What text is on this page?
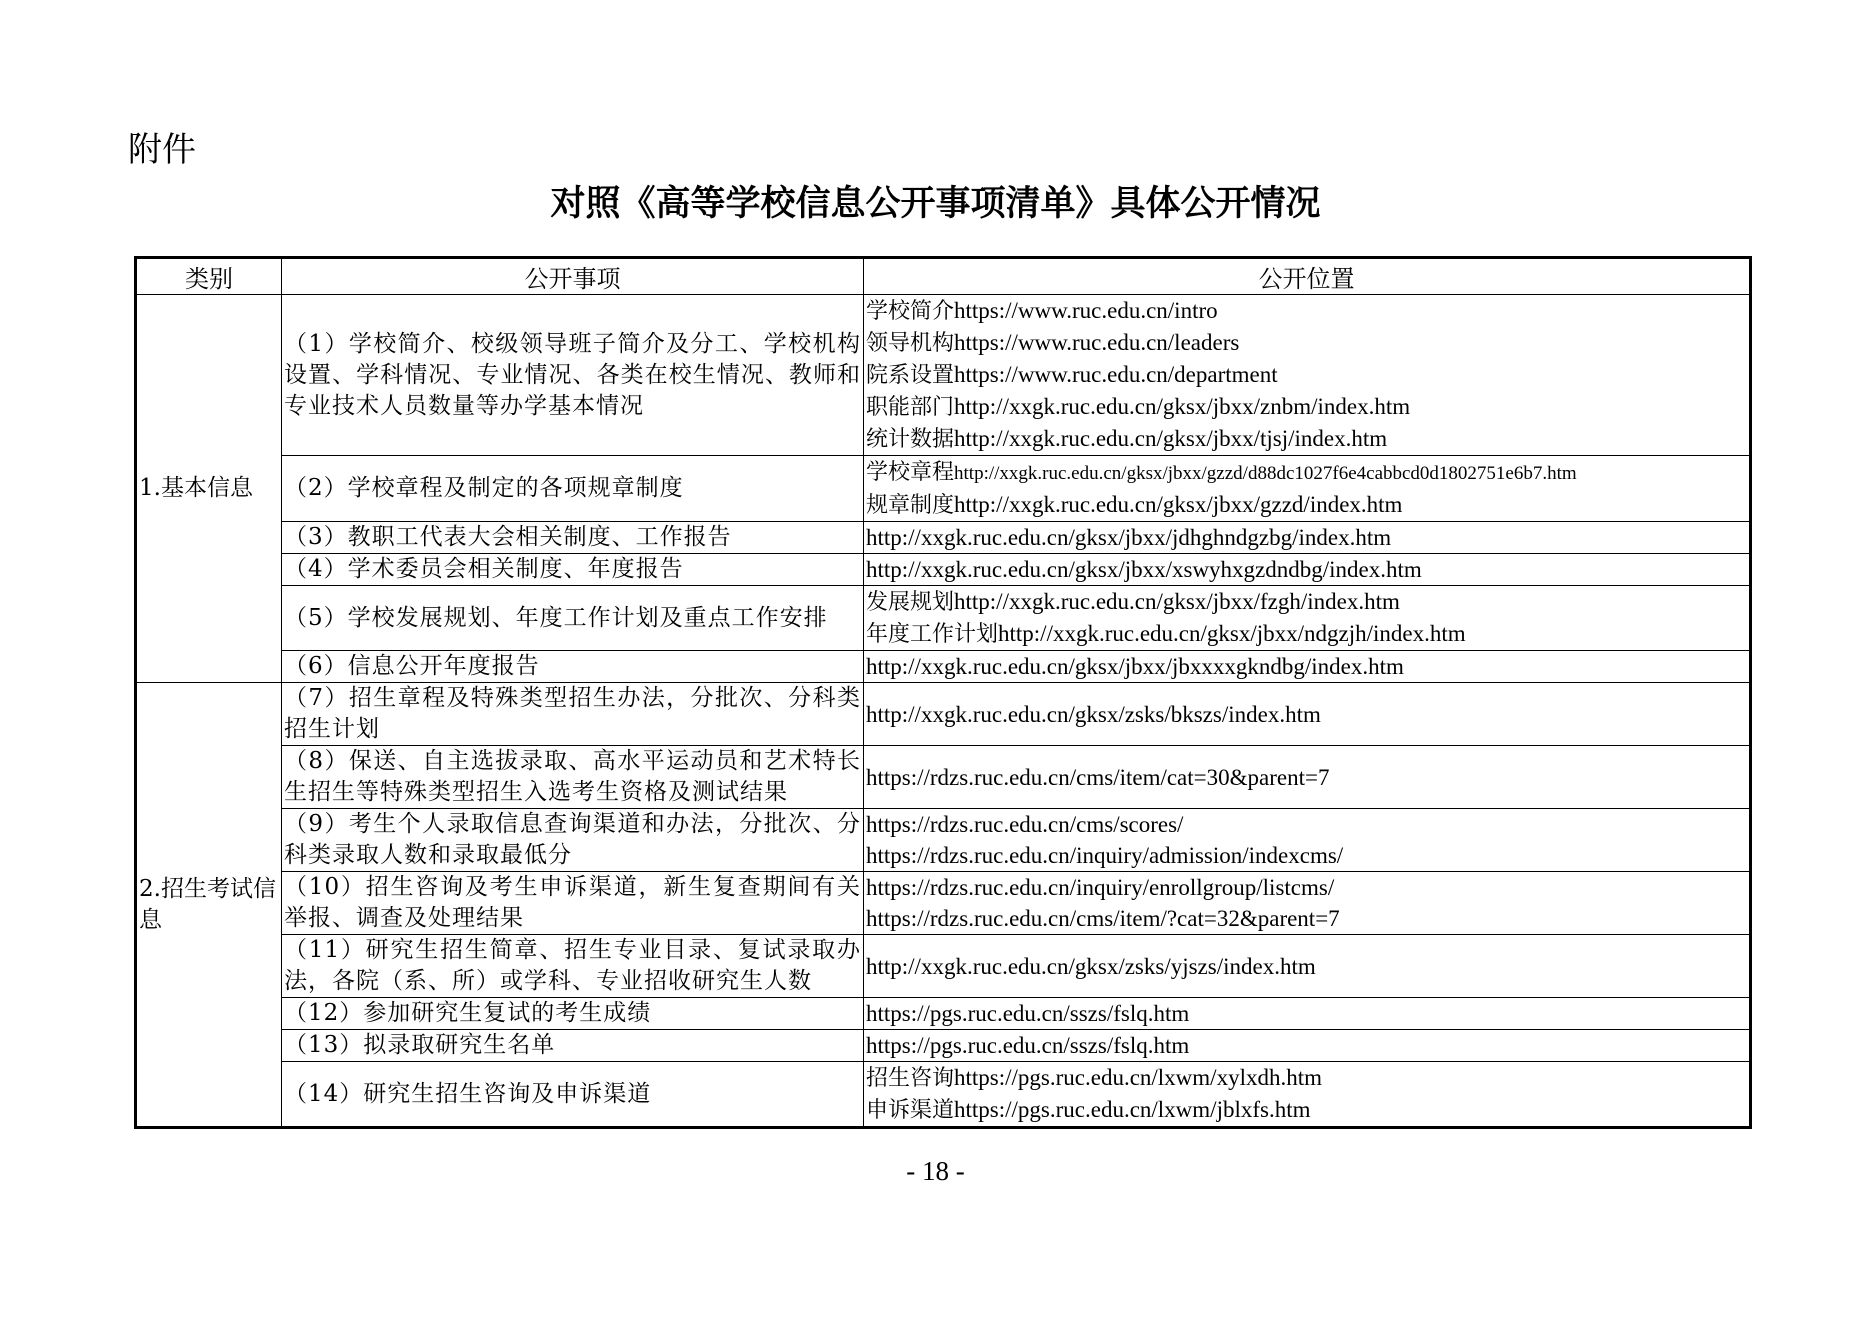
附件
对照《高等学校信息公开事项清单》具体公开情况
类别	公开事项	公开位置
1.基本信息	（1）学校简介、校级领导班子简介及分工、学校机构设置、学科情况、专业情况、各类在校生情况、教师和专业技术人员数量等办学基本情况	学校简介https://www.ruc.edu.cn/intro
领导机构https://www.ruc.edu.cn/leaders
院系设置https://www.ruc.edu.cn/department
职能部门http://xxgk.ruc.edu.cn/gksx/jbxx/znbm/index.htm
统计数据http://xxgk.ruc.edu.cn/gksx/jbxx/tjsj/index.htm

	（2）学校章程及制定的各项规章制度	学校章程http://xxgk.ruc.edu.cn/gksx/jbxx/gzzd/d88dc1027f6e4cabbcd0d1802751e6b7.htm
规章制度http://xxgk.ruc.edu.cn/gksx/jbxx/gzzd/index.htm

	（3）教职工代表大会相关制度、工作报告	http://xxgk.ruc.edu.cn/gksx/jbxx/jdhghndgzbg/index.htm
	（4）学术委员会相关制度、年度报告	http://xxgk.ruc.edu.cn/gksx/jbxx/xswyhxgzdndbg/index.htm
	（5）学校发展规划、年度工作计划及重点工作安排	发展规划http://xxgk.ruc.edu.cn/gksx/jbxx/fzgh/index.htm
年度工作计划http://xxgk.ruc.edu.cn/gksx/jbxx/ndgzjh/index.htm

	（6）信息公开年度报告	http://xxgk.ruc.edu.cn/gksx/jbxx/jbxxxxgkndbg/index.htm
2.招生考试信息	（7）招生章程及特殊类型招生办法，分批次、分科类招生计划	http://xxgk.ruc.edu.cn/gksx/zsks/bkszs/index.htm
	（8）保送、自主选拔录取、高水平运动员和艺术特长生招生等特殊类型招生入选考生资格及测试结果	https://rdzs.ruc.edu.cn/cms/item/cat=30&parent=7
	（9）考生个人录取信息查询渠道和办法，分批次、分科类录取人数和录取最低分	https://rdzs.ruc.edu.cn/cms/scores/
https://rdzs.ruc.edu.cn/inquiry/admission/indexcms/

	（10）招生咨询及考生申诉渠道，新生复查期间有关举报、调查及处理结果	https://rdzs.ruc.edu.cn/inquiry/enrollgroup/listcms/
https://rdzs.ruc.edu.cn/cms/item/?cat=32&parent=7

	（11）研究生招生简章、招生专业目录、复试录取办法，各院（系、所）或学科、专业招收研究生人数	http://xxgk.ruc.edu.cn/gksx/zsks/yjszs/index.htm
	（12）参加研究生复试的考生成绩	https://pgs.ruc.edu.cn/sszs/fslq.htm
	（13）拟录取研究生名单	https://pgs.ruc.edu.cn/sszs/fslq.htm
	（14）研究生招生咨询及申诉渠道	招生咨询https://pgs.ruc.edu.cn/lxwm/xylxdh.htm
申诉渠道https://pgs.ruc.edu.cn/lxwm/jblxfs.htm
- 18 -
